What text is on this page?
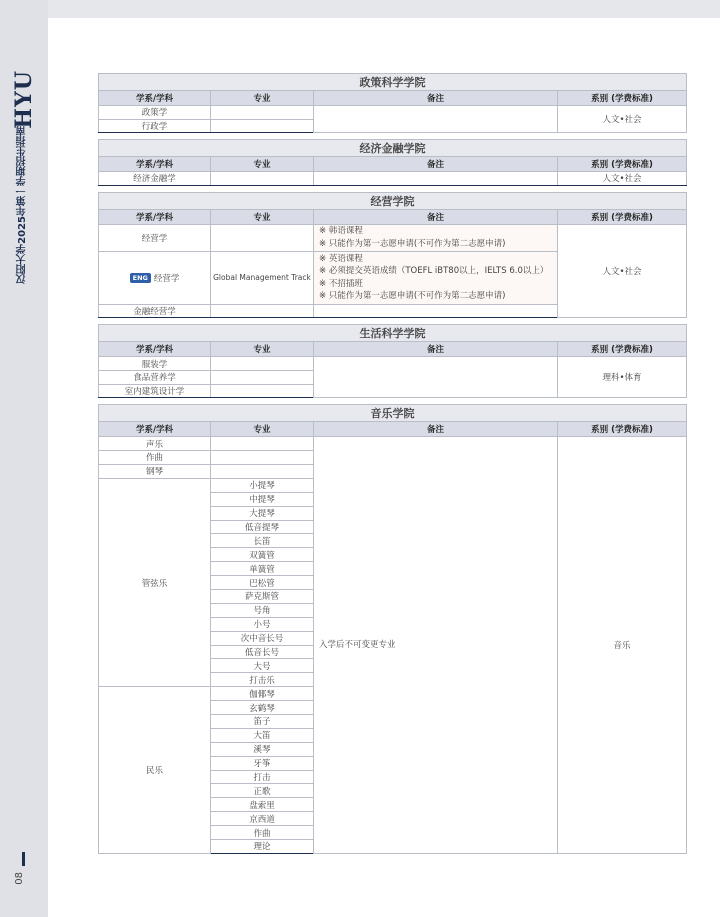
HYU
汉阳大学2025年第一学期招生指南
08
政策科学学院			
学系/学科	专业	备注	系别 (学费标准)
政策学			人文•社会
行政学			
经济金融学院			
学系/学科	专业	备注	系别 (学费标准)
经济金融学			人文•社会
经营学院			
学系/学科	专业	备注	系别 (学费标准)
经营学		※ 韩语课程
※ 只能作为第一志愿申请(不可作为第二志愿申请)	人文•社会
ENG 经营学	Global Management Track	※ 英语课程
※ 必须提交英语成绩（TOEFL iBT80以上，IELTS 6.0以上）
※ 不招插班
※ 只能作为第一志愿申请(不可作为第二志愿申请)	

金融经营学			
生活科学学院			
学系/学科	专业	备注	系别 (学费标准)
服装学			理科•体育
食品营养学			
室内建筑设计学			
音乐学院			
学系/学科	专业	备注	系别 (学费标准)
声乐		入学后不可变更专业	音乐
作曲			
钢琴			
管弦乐	小提琴		
	中提琴		
	大提琴		
	低音提琴		
	长笛		
	双簧管		
	单簧管		
	巴松管		
	萨克斯管		
	号角		
	小号		
	次中音长号		
	低音长号		
	大号		
	打击乐		
民乐	伽倻琴		
	玄鹤琴		
	笛子		
	大笛		
	溪琴		
	牙筝		
	打击		
	正歌		
	盘索里		
	京西道		
	作曲		
	理论		
